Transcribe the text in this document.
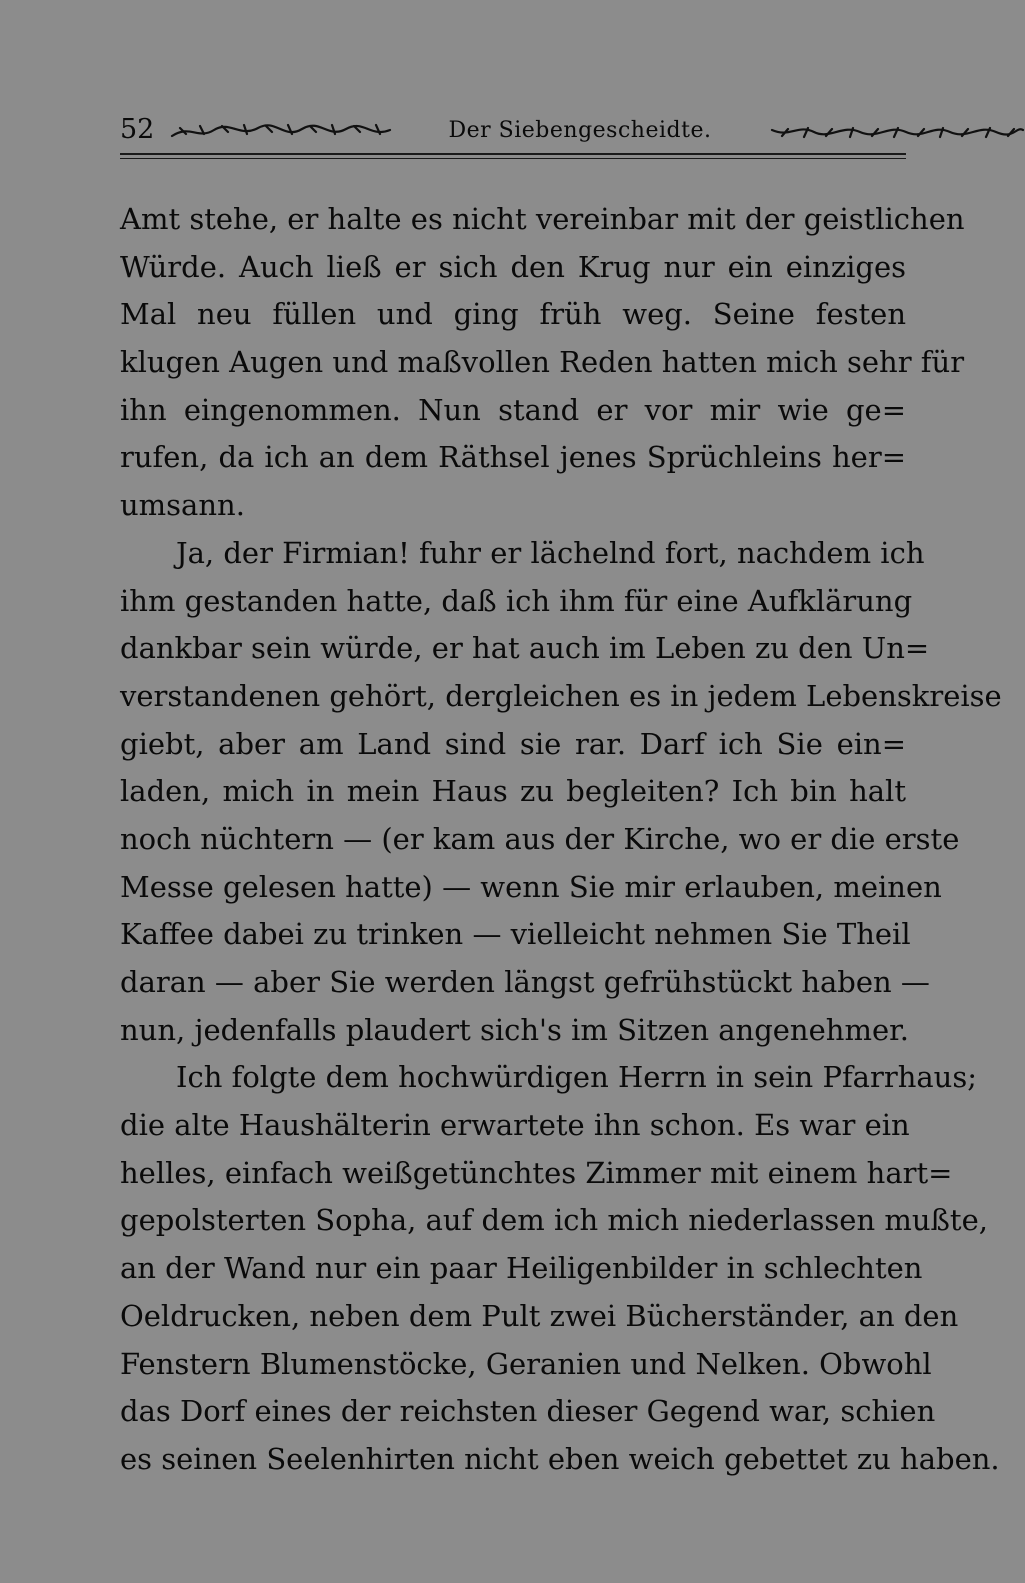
52	Der Siebengescheidte.
Amt stehe, er halte es nicht vereinbar mit der geistlichen
Würde. Auch ließ er sich den Krug nur ein einziges
Mal neu füllen und ging früh weg. Seine festen
klugen Augen und maßvollen Reden hatten mich sehr für
ihn eingenommen. Nun stand er vor mir wie ge=
rufen, da ich an dem Räthsel jenes Sprüchleins her=
umsann.
Ja, der Firmian! fuhr er lächelnd fort, nachdem ich
ihm gestanden hatte, daß ich ihm für eine Aufklärung
dankbar sein würde, er hat auch im Leben zu den Un=
verstandenen gehört, dergleichen es in jedem Lebenskreise
giebt, aber am Land sind sie rar. Darf ich Sie ein=
laden, mich in mein Haus zu begleiten? Ich bin halt
noch nüchtern — (er kam aus der Kirche, wo er die erste
Messe gelesen hatte) — wenn Sie mir erlauben, meinen
Kaffee dabei zu trinken — vielleicht nehmen Sie Theil
daran — aber Sie werden längst gefrühstückt haben —
nun, jedenfalls plaudert sich's im Sitzen angenehmer.
Ich folgte dem hochwürdigen Herrn in sein Pfarrhaus;
die alte Haushälterin erwartete ihn schon. Es war ein
helles, einfach weißgetünchtes Zimmer mit einem hart=
gepolsterten Sopha, auf dem ich mich niederlassen mußte,
an der Wand nur ein paar Heiligenbilder in schlechten
Oeldrucken, neben dem Pult zwei Bücherständer, an den
Fenstern Blumenstöcke, Geranien und Nelken. Obwohl
das Dorf eines der reichsten dieser Gegend war, schien
es seinen Seelenhirten nicht eben weich gebettet zu haben.
